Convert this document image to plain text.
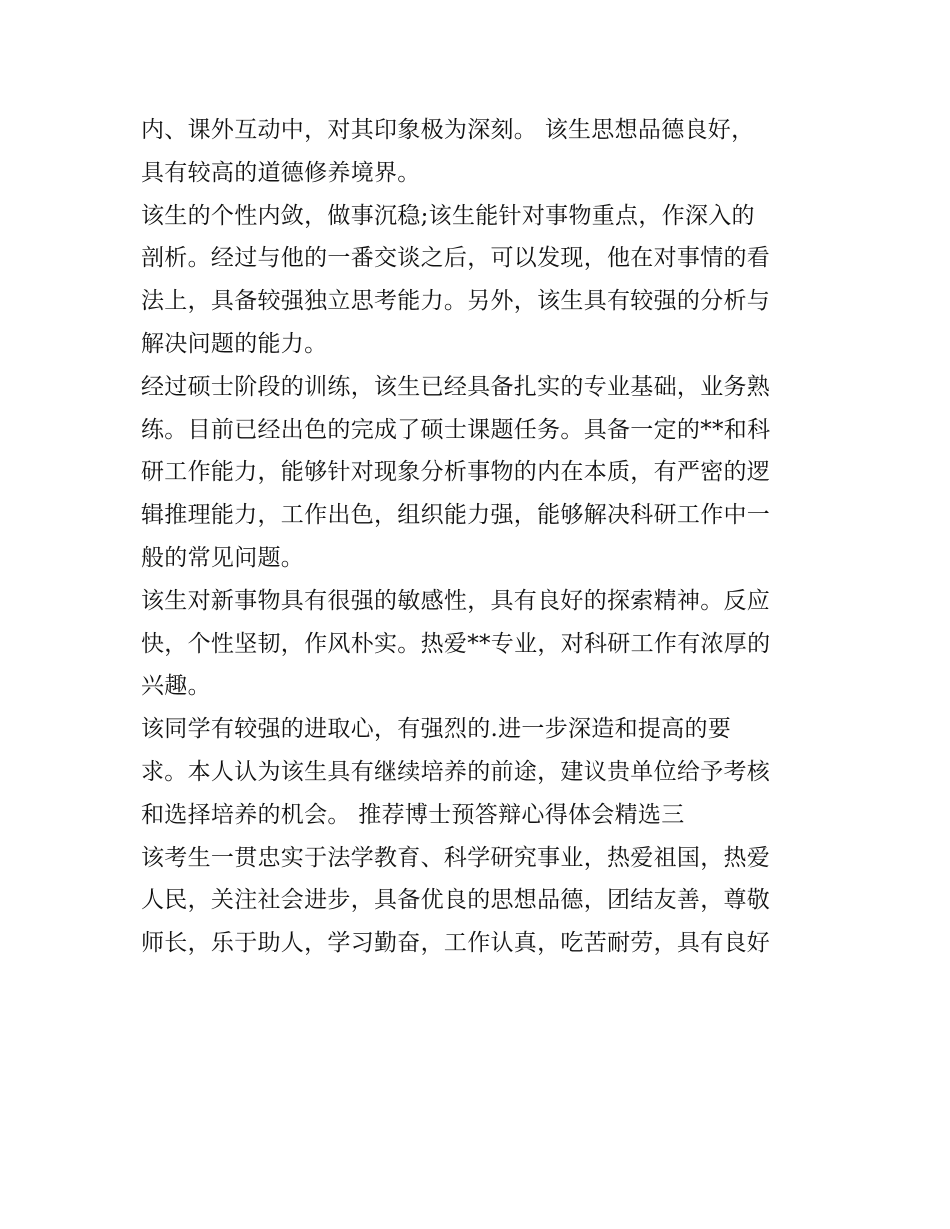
内、课外互动中，对其印象极为深刻。 该生思想品德良好，
具有较高的道德修养境界。
该生的个性内敛，做事沉稳;该生能针对事物重点，作深入的
剖析。经过与他的一番交谈之后，可以发现，他在对事情的看
法上，具备较强独立思考能力。另外，该生具有较强的分析与
解决问题的能力。
经过硕士阶段的训练，该生已经具备扎实的专业基础，业务熟
练。目前已经出色的完成了硕士课题任务。具备一定的**和科
研工作能力，能够针对现象分析事物的内在本质，有严密的逻
辑推理能力，工作出色，组织能力强，能够解决科研工作中一
般的常见问题。
该生对新事物具有很强的敏感性，具有良好的探索精神。反应
快，个性坚韧，作风朴实。热爱**专业，对科研工作有浓厚的
兴趣。
该同学有较强的进取心，有强烈的.进一步深造和提高的要
求。本人认为该生具有继续培养的前途，建议贵单位给予考核
和选择培养的机会。 推荐博士预答辩心得体会精选三
该考生一贯忠实于法学教育、科学研究事业，热爱祖国，热爱
人民，关注社会进步，具备优良的思想品德，团结友善，尊敬
师长，乐于助人，学习勤奋，工作认真，吃苦耐劳，具有良好
